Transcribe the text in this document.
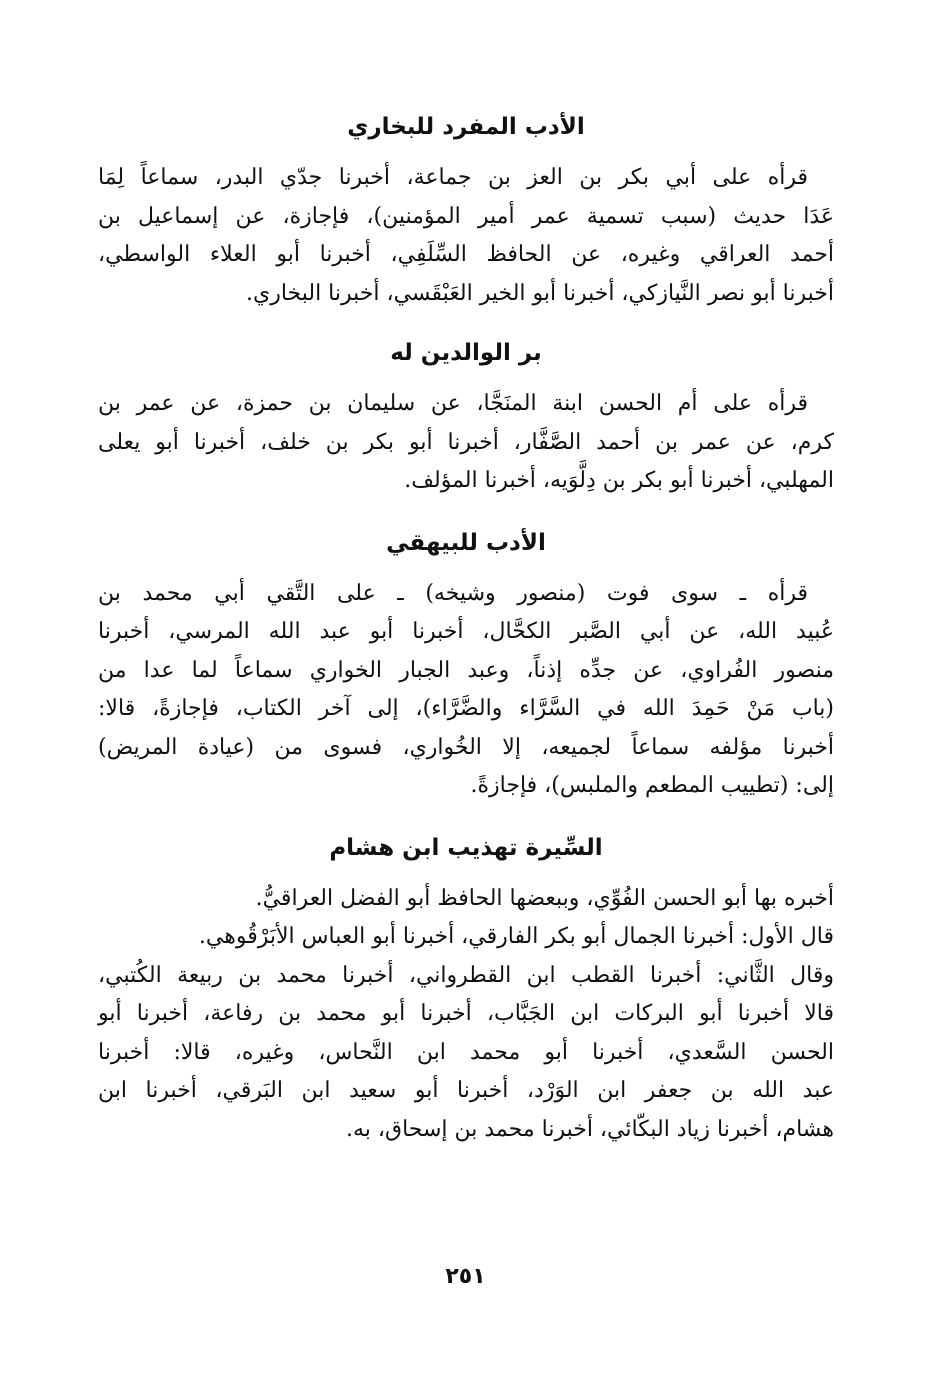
الأدب المفرد للبخاري

قرأه على أبي بكر بن العز بن جماعة، أخبرنا جدّي البدر، سماعاً لِمَا
عَدَا حديث (سبب تسمية عمر أمير المؤمنين)، فإجازة، عن إسماعيل بن
أحمد العراقي وغيره، عن الحافظ السِّلَفِي، أخبرنا أبو العلاء الواسطي،
أخبرنا أبو نصر النَّيازكي، أخبرنا أبو الخير العَبْقَسي، أخبرنا البخاري.

بر الوالدين له

قرأه على أم الحسن ابنة المنَجَّا، عن سليمان بن حمزة، عن عمر بن
كرم، عن عمر بن أحمد الصَّفَّار، أخبرنا أبو بكر بن خلف، أخبرنا أبو يعلى
المهلبي، أخبرنا أبو بكر بن دِلَّوَيه، أخبرنا المؤلف.

الأدب للبيهقي

قرأه ـ سوى فوت (منصور وشيخه) ـ على التَّقي أبي محمد بن
عُبيد الله، عن أبي الصَّبر الكحَّال، أخبرنا أبو عبد الله المرسي، أخبرنا
منصور الفُراوي، عن جدِّه إذناً، وعبد الجبار الخواري سماعاً لما عدا من
(باب مَنْ حَمِدَ الله في السَّرَّاء والضَّرَّاء)، إلى آخر الكتاب، فإجازةً، قالا:
أخبرنا مؤلفه سماعاً لجميعه، إلا الخُواري، فسوى من (عيادة المريض)
إلى: (تطييب المطعم والملبس)، فإجازةً.

السِّيرة تهذيب ابن هشام

أخبره بها أبو الحسن الفُوِّي، وببعضها الحافظ أبو الفضل العراقيُّ.
قال الأول: أخبرنا الجمال أبو بكر الفارقي، أخبرنا أبو العباس الأبَرْقُوهي.
وقال الثَّاني: أخبرنا القطب ابن القطرواني، أخبرنا محمد بن ربيعة الكُتبي،
قالا أخبرنا أبو البركات ابن الجَبَّاب، أخبرنا أبو محمد بن رفاعة، أخبرنا أبو
الحسن السَّعدي، أخبرنا أبو محمد ابن النَّحاس، وغيره، قالا: أخبرنا
عبد الله بن جعفر ابن الوَرْد، أخبرنا أبو سعيد ابن البَرقي، أخبرنا ابن
هشام، أخبرنا زياد البكّائي، أخبرنا محمد بن إسحاق، به.

٢٥١
